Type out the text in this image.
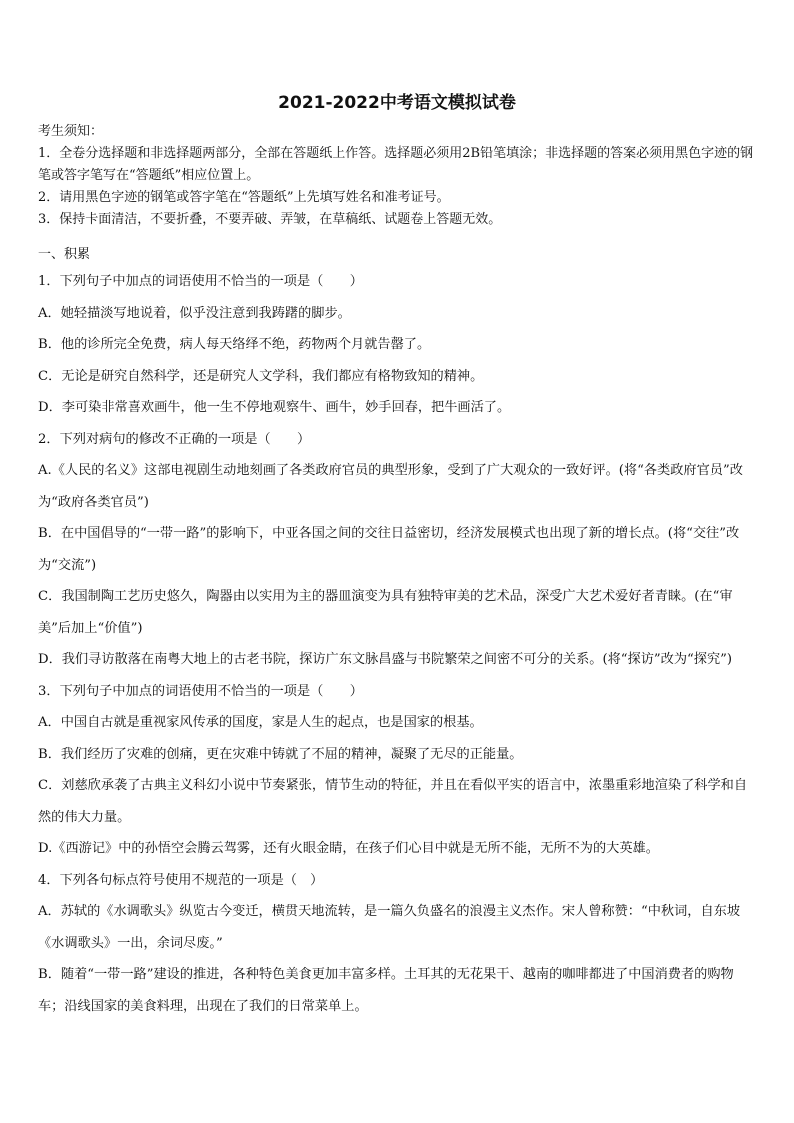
2021-2022中考语文模拟试卷
考生须知：
1．全卷分选择题和非选择题两部分，全部在答题纸上作答。选择题必须用2B铅笔填涂；非选择题的答案必须用黑色字迹的钢笔或答字笔写在“答题纸”相应位置上。
2．请用黑色字迹的钢笔或答字笔在“答题纸”上先填写姓名和准考证号。
3．保持卡面清洁，不要折叠，不要弄破、弄皱，在草稿纸、试题卷上答题无效。
一、积累
1．下列句子中加点的词语使用不恰当的一项是（　　）
A．她轻描淡写地说着，似乎没注意到我踌躇的脚步。
B．他的诊所完全免费，病人每天络绎不绝，药物两个月就告罄了。
C．无论是研究自然科学，还是研究人文学科，我们都应有格物致知的精神。
D．李可染非常喜欢画牛，他一生不停地观察牛、画牛，妙手回春，把牛画活了。
2．下列对病句的修改不正确的一项是（　　）
A.《人民的名义》这部电视剧生动地刻画了各类政府官员的典型形象，受到了广大观众的一致好评。(将“各类政府官员”改为“政府各类官员”)
B．在中国倡导的“一带一路”的影响下，中亚各国之间的交往日益密切，经济发展模式也出现了新的增长点。(将“交往”改为“交流”)
C．我国制陶工艺历史悠久，陶器由以实用为主的器皿演变为具有独特审美的艺术品，深受广大艺术爱好者青睐。(在“审美”后加上“价值”)
D．我们寻访散落在南粤大地上的古老书院，探访广东文脉昌盛与书院繁荣之间密不可分的关系。(将“探访”改为“探究”)
3．下列句子中加点的词语使用不恰当的一项是（　　）
A．中国自古就是重视家风传承的国度，家是人生的起点，也是国家的根基。
B．我们经历了灾难的创痛，更在灾难中铸就了不屈的精神，凝聚了无尽的正能量。
C．刘慈欣承袭了古典主义科幻小说中节奏紧张，情节生动的特征，并且在看似平实的语言中，浓墨重彩地渲染了科学和自然的伟大力量。
D.《西游记》中的孙悟空会腾云驾雾，还有火眼金睛，在孩子们心目中就是无所不能，无所不为的大英雄。
4．下列各句标点符号使用不规范的一项是（　）
A．苏轼的《水调歌头》纵览古今变迁，横贯天地流转，是一篇久负盛名的浪漫主义杰作。宋人曾称赞：“中秋词，自东坡《水调歌头》一出，余词尽废。”
B．随着“一带一路”建设的推进，各种特色美食更加丰富多样。土耳其的无花果干、越南的咖啡都进了中国消费者的购物车；沿线国家的美食料理，出现在了我们的日常菜单上。
